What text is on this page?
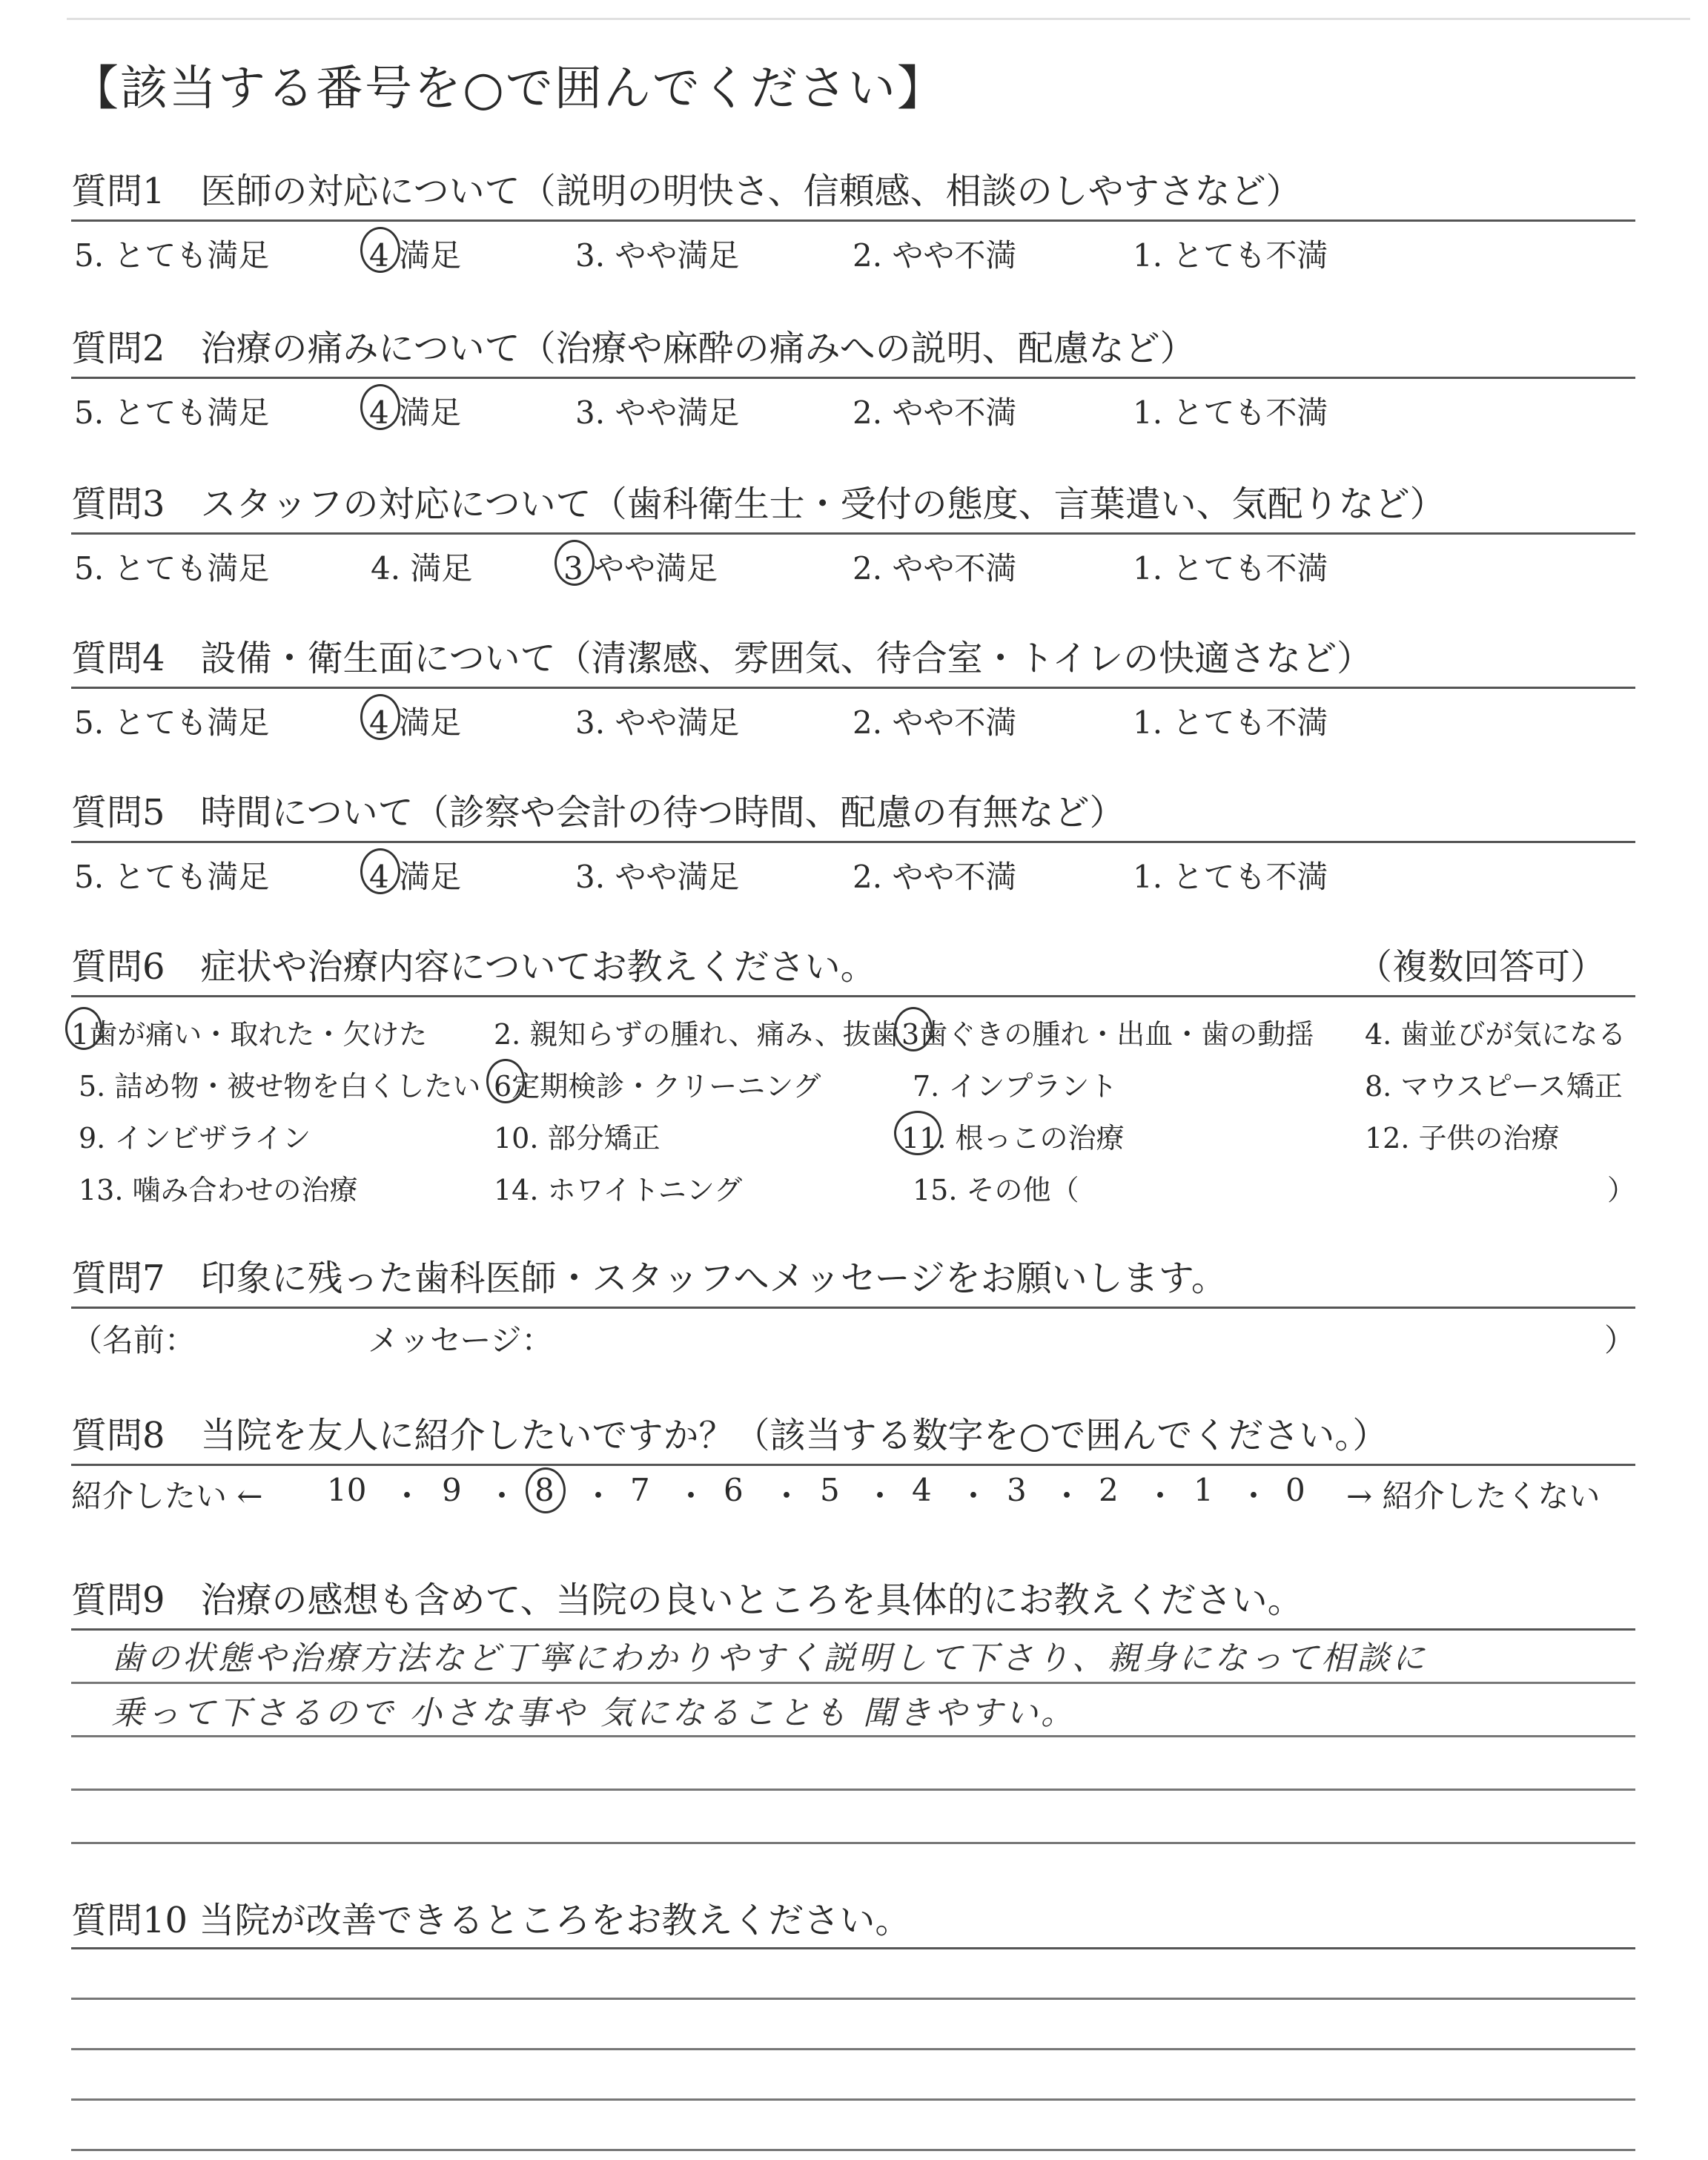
【該当する番号を○で囲んでください】
質問1　医師の対応について（説明の明快さ、信頼感、相談のしやすさなど）
5. とても満足	4 満足	3. やや満足	2. やや不満	1. とても不満
質問2　治療の痛みについて（治療や麻酔の痛みへの説明、配慮など）
5. とても満足	4 満足	3. やや満足	2. やや不満	1. とても不満
質問3　スタッフの対応について（歯科衛生士・受付の態度、言葉遣い、気配りなど）
5. とても満足	4. 満足	3 やや満足	2. やや不満	1. とても不満
質問4　設備・衛生面について（清潔感、雰囲気、待合室・トイレの快適さなど）
5. とても満足	4 満足	3. やや満足	2. やや不満	1. とても不満
質問5　時間について（診察や会計の待つ時間、配慮の有無など）
5. とても満足	4 満足	3. やや満足	2. やや不満	1. とても不満
質問6　症状や治療内容についてお教えください。	（複数回答可）
1歯が痛い・取れた・欠けた 2. 親知らずの腫れ、痛み、抜歯 3歯ぐきの腫れ・出血・歯の動揺 4. 歯並びが気になる
5. 詰め物・被せ物を白くしたい 6定期検診・クリーニング	7. インプラント	8. マウスピース矯正
9. インビザライン	10. 部分矯正	11. 根っこの治療	12. 子供の治療
13. 噛み合わせの治療	14. ホワイトニング	15. その他（	）
質問7　印象に残った歯科医師・スタッフへメッセージをお願いします。
（名前：	メッセージ：	）
質問8　当院を友人に紹介したいですか？（該当する数字を○で囲んでください。）
紹介したい ← 10 ・ 9 ・ 8 ・ 7 ・ 6 ・ 5 ・ 4 ・ 3 ・ 2 ・ 1 ・ 0 → 紹介したくない
質問9　治療の感想も含めて、当院の良いところを具体的にお教えください。
歯の状態や治療方法など丁寧にわかりやすく説明して下さり、親身になって相談に
乗って下さるので 小さな事や 気になることも 聞きやすい。
質問10 当院が改善できるところをお教えください。
